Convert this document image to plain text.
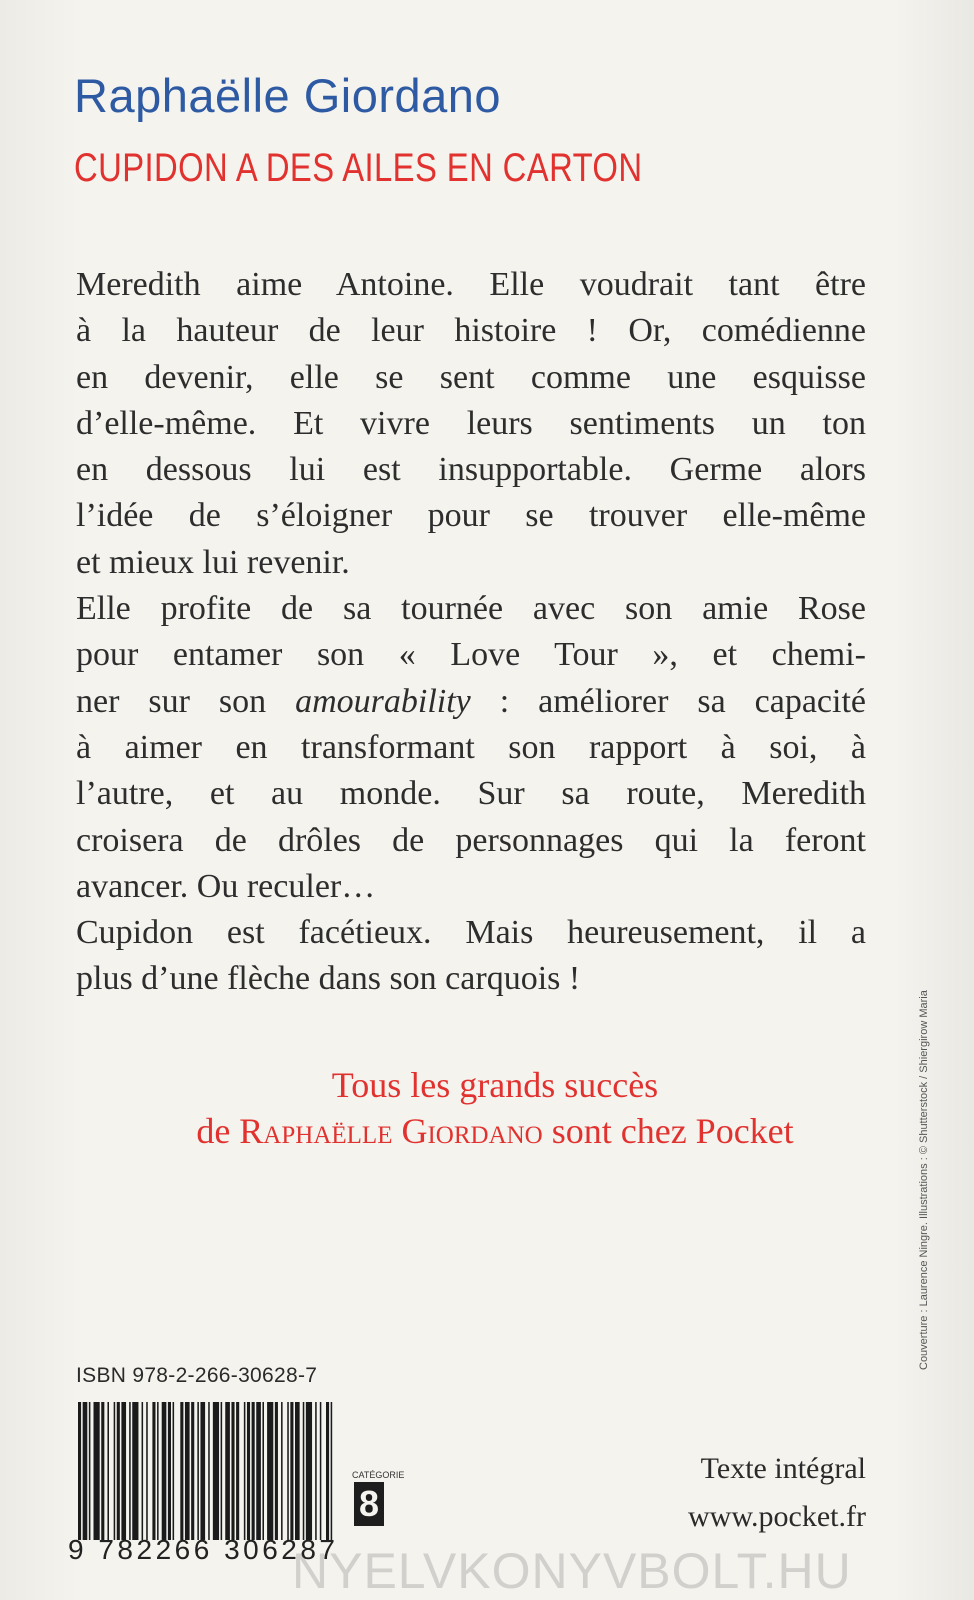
Raphaëlle Giordano
CUPIDON A DES AILES EN CARTON
Meredith aime Antoine. Elle voudrait tant être
à la hauteur de leur histoire ! Or, comédienne
en devenir, elle se sent comme une esquisse
d’elle-même. Et vivre leurs sentiments un ton
en dessous lui est insupportable. Germe alors
l’idée de s’éloigner pour se trouver elle-même
et mieux lui revenir.
Elle profite de sa tournée avec son amie Rose
pour entamer son « Love Tour », et chemi-
ner sur son amourability : améliorer sa capacité
à aimer en transformant son rapport à soi, à
l’autre, et au monde. Sur sa route, Meredith
croisera de drôles de personnages qui la feront
avancer. Ou reculer…
Cupidon est facétieux. Mais heureusement, il a
plus d’une flèche dans son carquois !
Tous les grands succès
de Raphaëlle Giordano sont chez Pocket	Couverture : Laurence Ningre. Illustrations : © Shutterstock / Shiergirow Maria
ISBN 978-2-266-30628-7
9 782266 306287
CATÉGORIE
8
Texte intégral
www.pocket.fr
NYELVKONYVBOLT.HU
